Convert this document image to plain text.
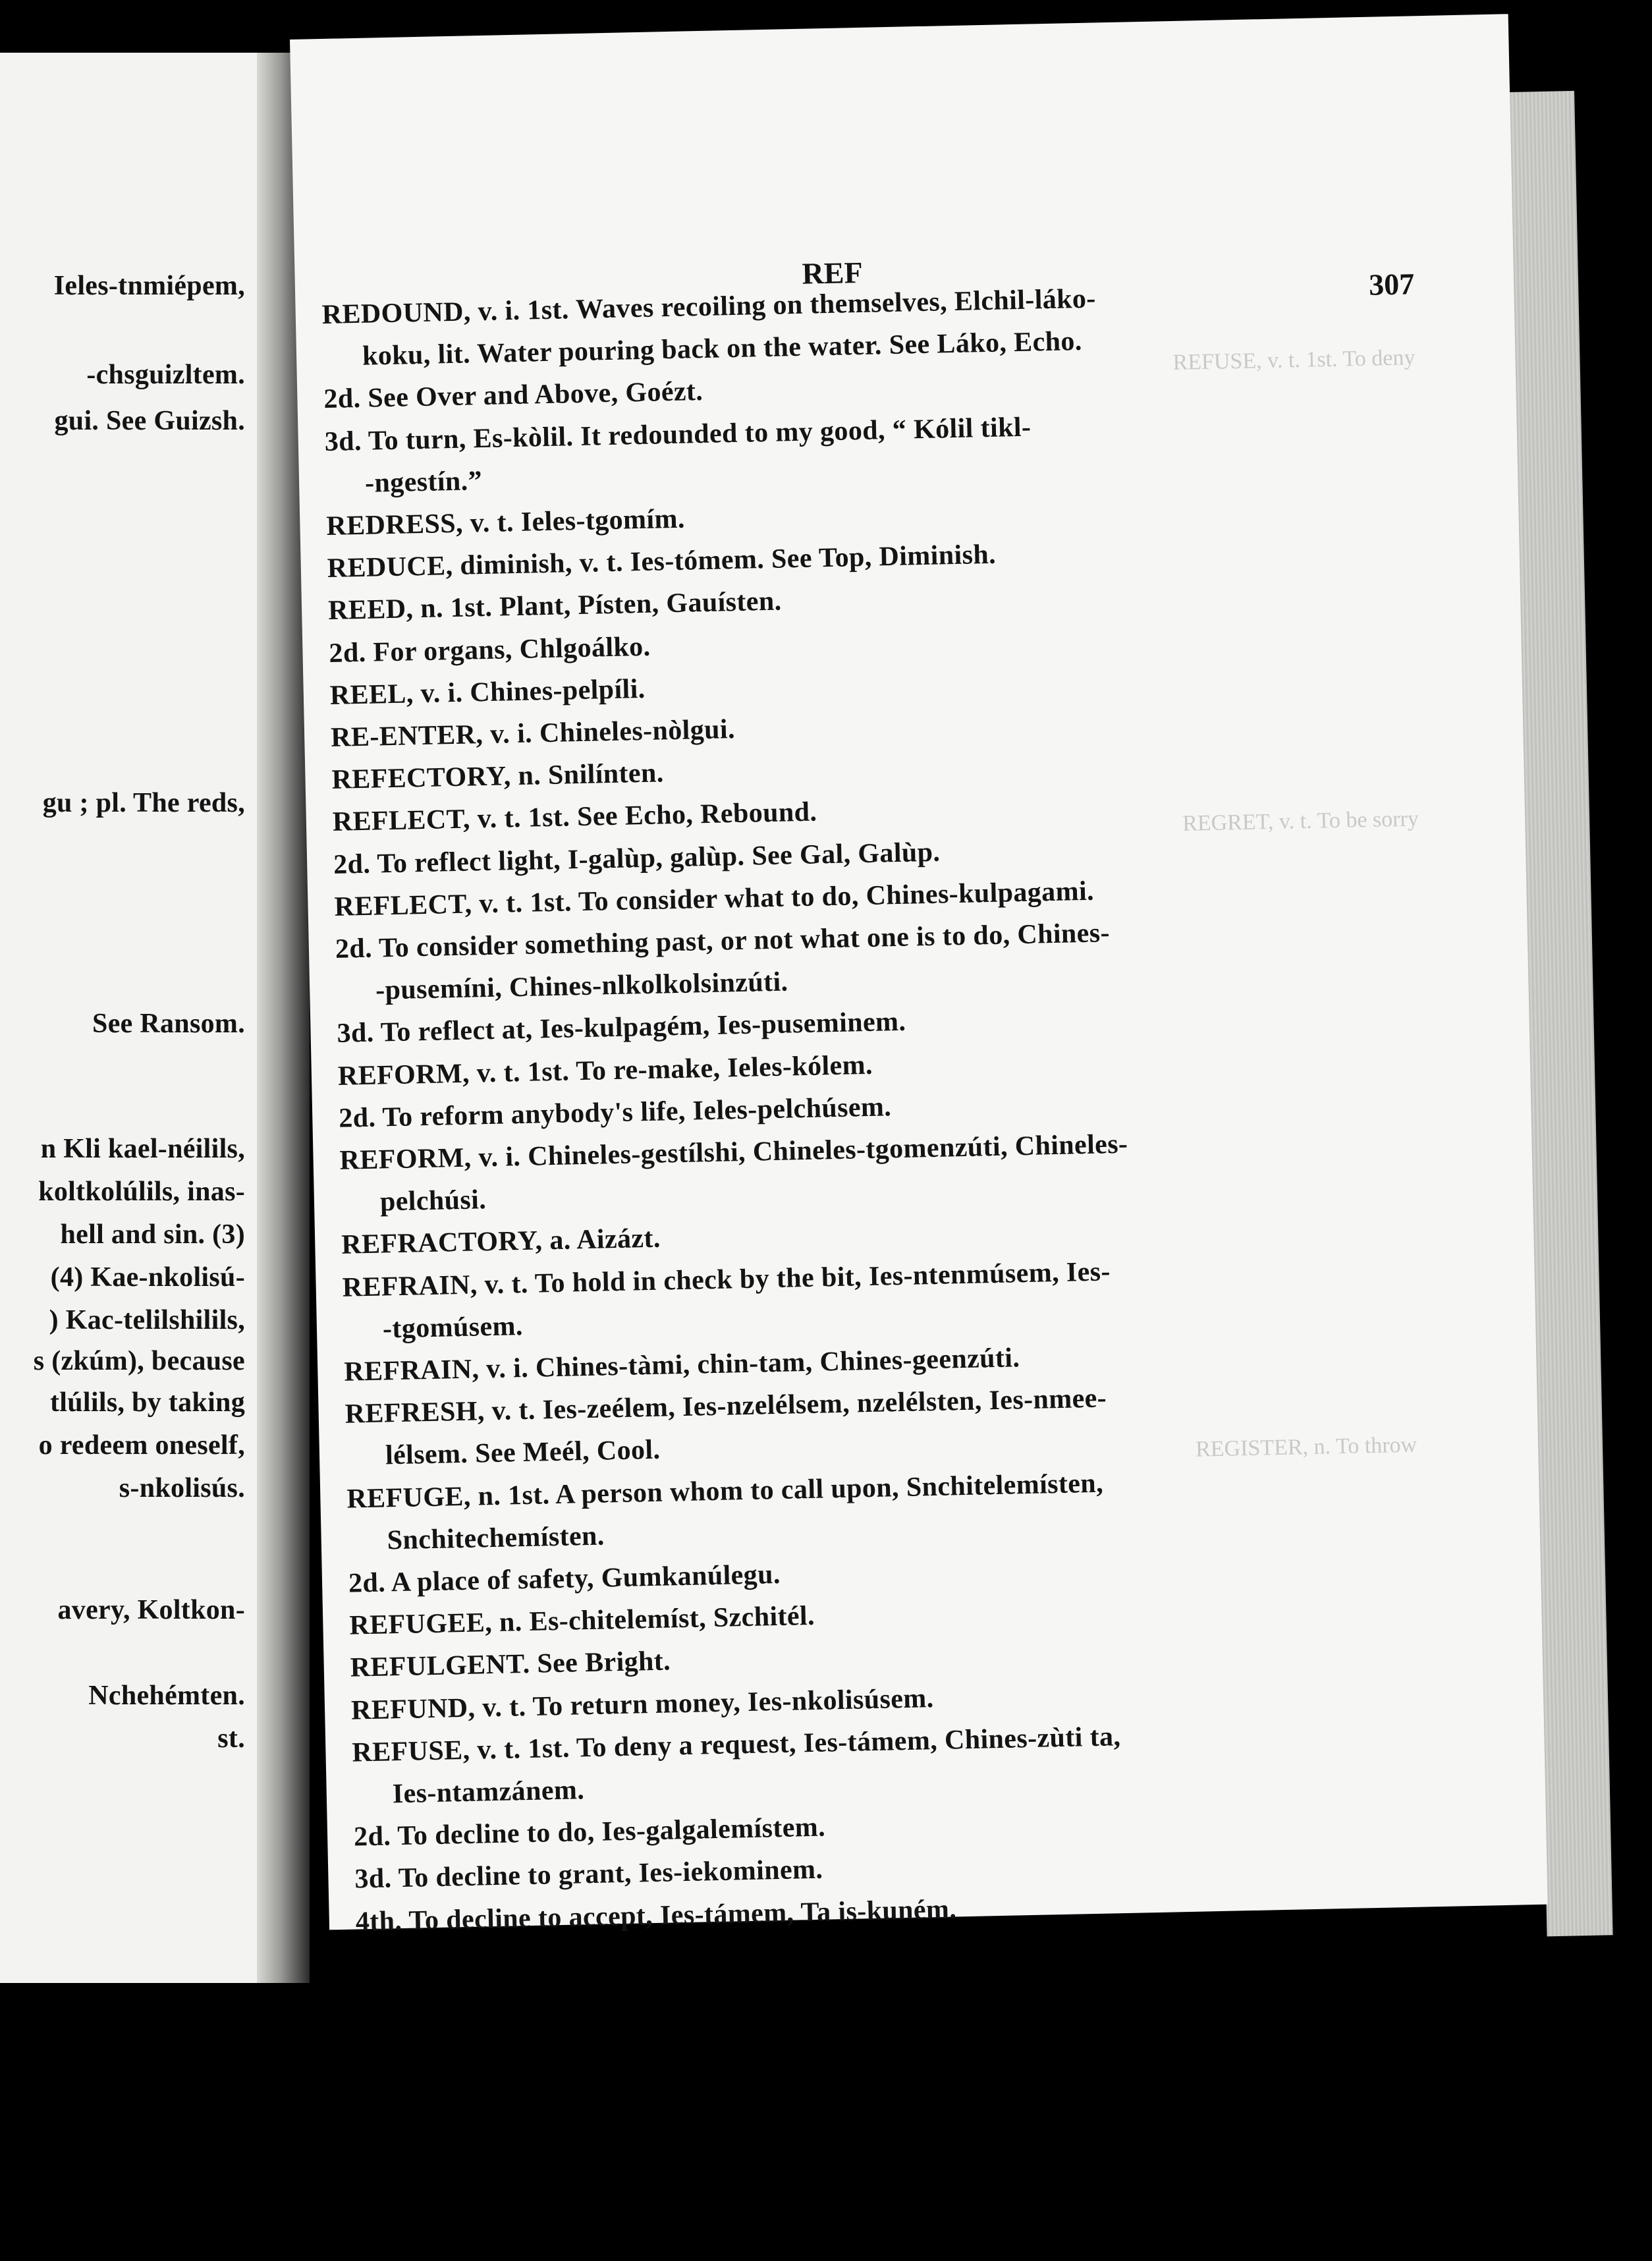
Ieles-tnmiépem,
-chsguizltem.
gui. See Guizsh.
gu ; pl. The reds,
See Ransom.
n Kli kael-néilils,
koltkolúlils, inas-
hell and sin. (3)
(4) Kae-nkolisú-
) Kac-telilshilils,
s (zkúm), because
tlúlils, by taking
o redeem oneself,
s-nkolisús.
avery, Koltkon-
Nchehémten.
st.
REFUSE, v. t. 1st. To deny
REGRET, v. t. To be sorry
REGISTER, n. To throw
REF	307
REDOUND, v. i. 1st. Waves recoiling on themselves, Elchil-láko-
koku, lit. Water pouring back on the water. See Láko, Echo.
2d. See Over and Above, Goézt.
3d. To turn, Es-kòlil. It redounded to my good, “ Kólil tikl-
-ngestín.”
REDRESS, v. t. Ieles-tgomím.
REDUCE, diminish, v. t. Ies-tómem. See Top, Diminish.
REED, n. 1st. Plant, Písten, Gauísten.
2d. For organs, Chlgoálko.
REEL, v. i. Chines-pelpíli.
RE-ENTER, v. i. Chineles-nòlgui.
REFECTORY, n. Snilínten.
REFLECT, v. t. 1st. See Echo, Rebound.
2d. To reflect light, I-galùp, galùp. See Gal, Galùp.
REFLECT, v. t. 1st. To consider what to do, Chines-kulpagami.
2d. To consider something past, or not what one is to do, Chines-
-pusemíni, Chines-nlkolkolsinzúti.
3d. To reflect at, Ies-kulpagém, Ies-puseminem.
REFORM, v. t. 1st. To re-make, Ieles-kólem.
2d. To reform anybody's life, Ieles-pelchúsem.
REFORM, v. i. Chineles-gestílshi, Chineles-tgomenzúti, Chineles-
pelchúsi.
REFRACTORY, a. Aizázt.
REFRAIN, v. t. To hold in check by the bit, Ies-ntenmúsem, Ies-
-tgomúsem.
REFRAIN, v. i. Chines-tàmi, chin-tam, Chines-geenzúti.
REFRESH, v. t. Ies-zeélem, Ies-nzelélsem, nzelélsten, Ies-nmee-
lélsem. See Meél, Cool.
REFUGE, n. 1st. A person whom to call upon, Snchitelemísten,
Snchitechemísten.
2d. A place of safety, Gumkanúlegu.
REFUGEE, n. Es-chitelemíst, Szchitél.
REFULGENT. See Bright.
REFUND, v. t. To return money, Ies-nkolisúsem.
REFUSE, v. t. 1st. To deny a request, Ies-támem, Chines-zùti ta,
Ies-ntamzánem.
2d. To decline to do, Ies-galgalemístem.
3d. To decline to grant, Ies-iekominem.
4th. To decline to accept, Ies-támem, Ta is-kuném.
